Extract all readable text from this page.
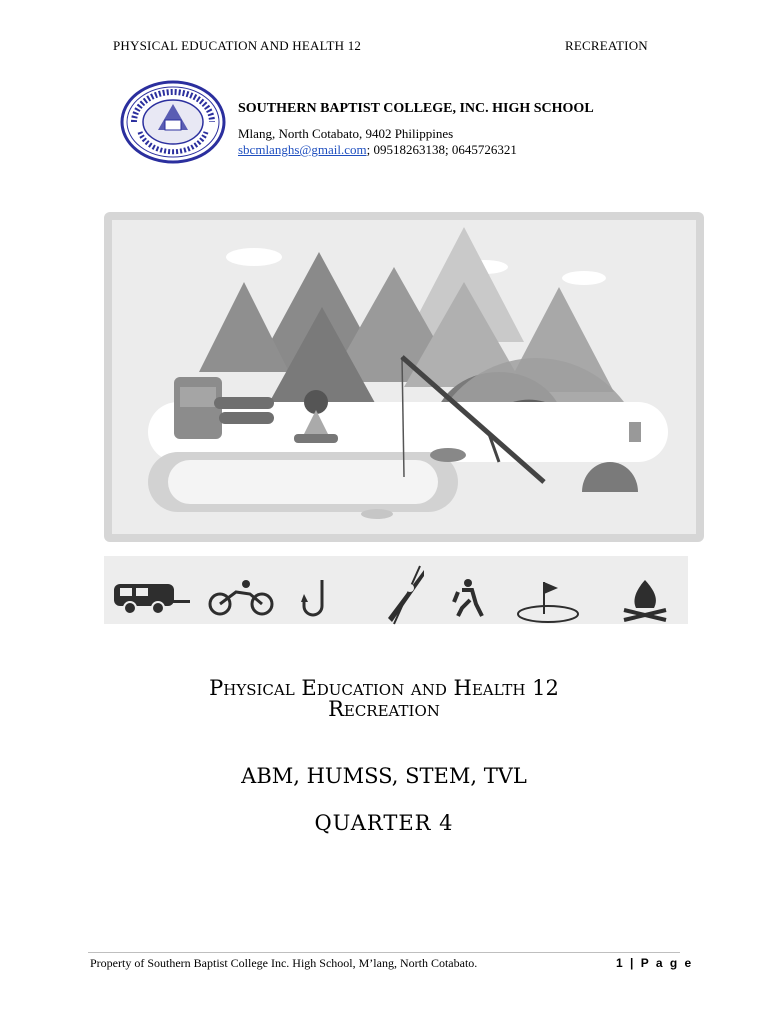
PHYSICAL EDUCATION AND HEALTH 12	RECREATION
SOUTHERN BAPTIST COLLEGE, INC. HIGH SCHOOL
Mlang, North Cotabato, 9402 Philippines
sbcmlanghs@gmail.com; 09518263138; 0645726321
Physical Education and Health 12
Recreation
ABM, HUMSS, STEM, TVL
QUARTER 4
Property of Southern Baptist College Inc. High School, M’lang, North Cotabato.	1 | P a g e
